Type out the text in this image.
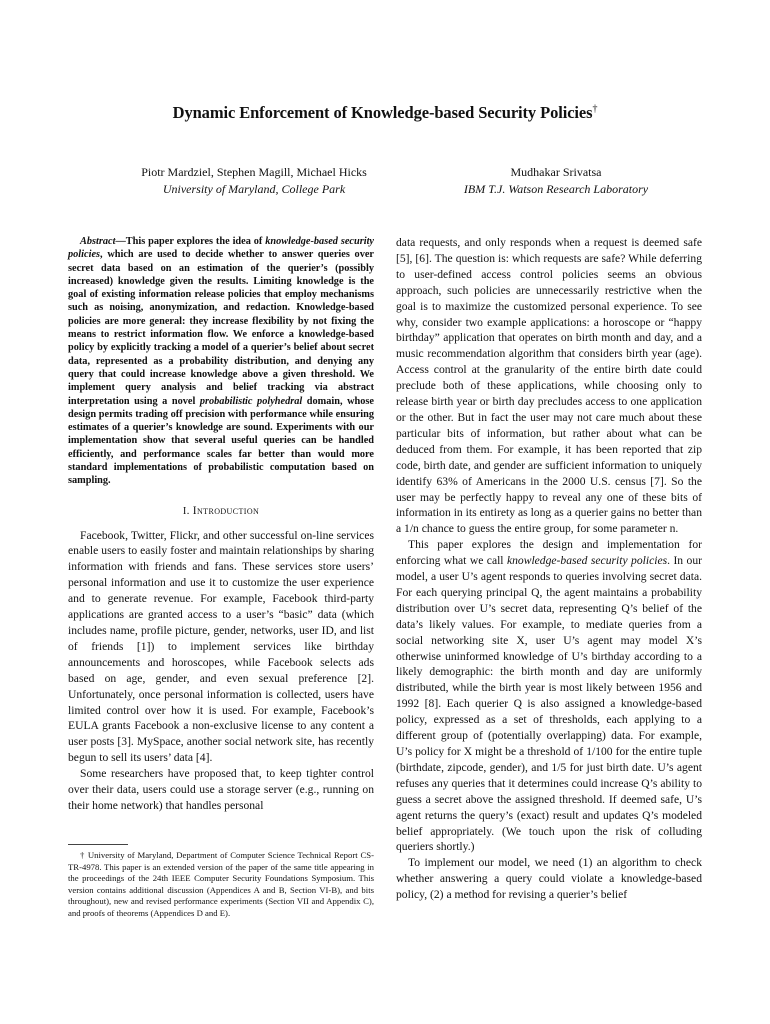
Dynamic Enforcement of Knowledge-based Security Policies†
Piotr Mardziel, Stephen Magill, Michael Hicks
University of Maryland, College Park
Mudhakar Srivatsa
IBM T.J. Watson Research Laboratory

Abstract—This paper explores the idea of knowledge-based security policies, which are used to decide whether to answer queries over secret data based on an estimation of the querier’s (possibly increased) knowledge given the results. Limiting knowledge is the goal of existing information release policies that employ mechanisms such as noising, anonymization, and redaction. Knowledge-based policies are more general: they increase flexibility by not fixing the means to restrict information flow. We enforce a knowledge-based policy by explicitly tracking a model of a querier’s belief about secret data, represented as a probability distribution, and denying any query that could increase knowledge above a given threshold. We implement query analysis and belief tracking via abstract interpretation using a novel probabilistic polyhedral domain, whose design permits trading off precision with performance while ensuring estimates of a querier’s knowledge are sound. Experiments with our implementation show that several useful queries can be handled efficiently, and performance scales far better than would more standard implementations of probabilistic computation based on sampling.

I. Introduction

Facebook, Twitter, Flickr, and other successful on-line services enable users to easily foster and maintain relationships by sharing information with friends and fans. These services store users’ personal information and use it to customize the user experience and to generate revenue. For example, Facebook third-party applications are granted access to a user’s “basic” data (which includes name, profile picture, gender, networks, user ID, and list of friends [1]) to implement services like birthday announcements and horoscopes, while Facebook selects ads based on age, gender, and even sexual preference [2]. Unfortunately, once personal information is collected, users have limited control over how it is used. For example, Facebook’s EULA grants Facebook a non-exclusive license to any content a user posts [3]. MySpace, another social network site, has recently begun to sell its users’ data [4].

Some researchers have proposed that, to keep tighter control over their data, users could use a storage server (e.g., running on their home network) that handles personal

† University of Maryland, Department of Computer Science Technical Report CS-TR-4978. This paper is an extended version of the paper of the same title appearing in the proceedings of the 24th IEEE Computer Security Foundations Symposium. This version contains additional discussion (Appendices A and B, Section VI-B), and bits throughout), new and revised performance experiments (Section VII and Appendix C), and proofs of theorems (Appendices D and E).

data requests, and only responds when a request is deemed safe [5], [6]. The question is: which requests are safe? While deferring to user-defined access control policies seems an obvious approach, such policies are unnecessarily restrictive when the goal is to maximize the customized personal experience. To see why, consider two example applications: a horoscope or “happy birthday” application that operates on birth month and day, and a music recommendation algorithm that considers birth year (age). Access control at the granularity of the entire birth date could preclude both of these applications, while choosing only to release birth year or birth day precludes access to one application or the other. But in fact the user may not care much about these particular bits of information, but rather about what can be deduced from them. For example, it has been reported that zip code, birth date, and gender are sufficient information to uniquely identify 63% of Americans in the 2000 U.S. census [7]. So the user may be perfectly happy to reveal any one of these bits of information in its entirety as long as a querier gains no better than a 1/n chance to guess the entire group, for some parameter n.

This paper explores the design and implementation for enforcing what we call knowledge-based security policies. In our model, a user U’s agent responds to queries involving secret data. For each querying principal Q, the agent maintains a probability distribution over U’s secret data, representing Q’s belief of the data’s likely values. For example, to mediate queries from a social networking site X, user U’s agent may model X’s otherwise uninformed knowledge of U’s birthday according to a likely demographic: the birth month and day are uniformly distributed, while the birth year is most likely between 1956 and 1992 [8]. Each querier Q is also assigned a knowledge-based policy, expressed as a set of thresholds, each applying to a different group of (potentially overlapping) data. For example, U’s policy for X might be a threshold of 1/100 for the entire tuple (birthdate, zipcode, gender), and 1/5 for just birth date. U’s agent refuses any queries that it determines could increase Q’s ability to guess a secret above the assigned threshold. If deemed safe, U’s agent returns the query’s (exact) result and updates Q’s modeled belief appropriately. (We touch upon the risk of colluding queriers shortly.)

To implement our model, we need (1) an algorithm to check whether answering a query could violate a knowledge-based policy, (2) a method for revising a querier’s belief
